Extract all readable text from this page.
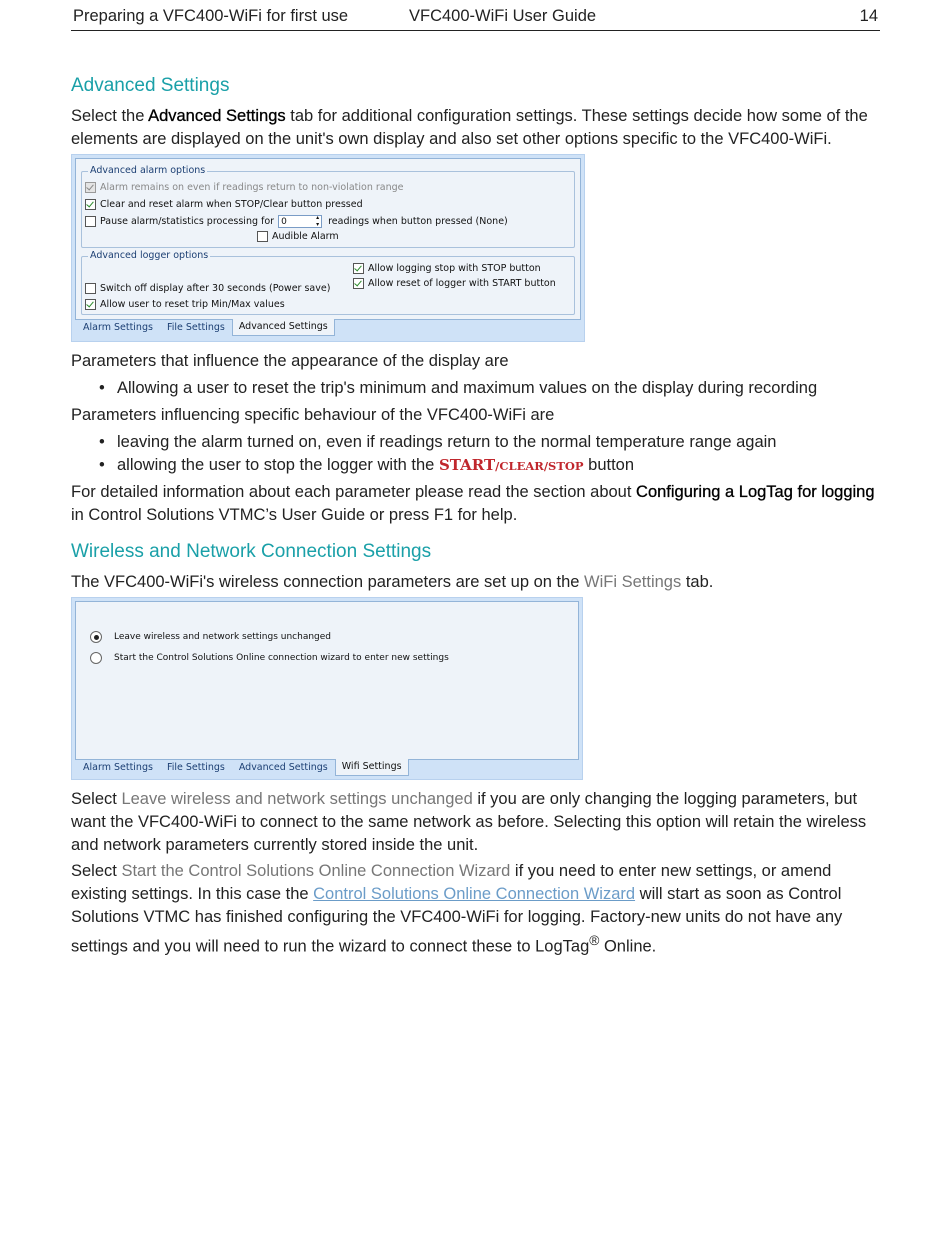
Preparing a VFC400-WiFi for first use	VFC400-WiFi User Guide	14
Advanced Settings
Select the Advanced Settings tab for additional configuration settings. These settings decide how some of the elements are displayed on the unit's own display and also set other options specific to the VFC400-WiFi.
Advanced alarm options
Alarm remains on even if readings return to non-violation range
Clear and reset alarm when STOP/Clear button pressed
Pause alarm/statistics processing for 0 ▴ ▾	readings when button pressed (None)
Audible Alarm
Advanced logger options
Allow logging stop with STOP button
Allow reset of logger with START button
Switch off display after 30 seconds (Power save)
Allow user to reset trip Min/Max values
Alarm Settings	File Settings	Advanced Settings
Parameters that influence the appearance of the display are
• Allowing a user to reset the trip's minimum and maximum values on the display during recording
Parameters influencing specific behaviour of the VFC400-WiFi are
• leaving the alarm turned on, even if readings return to the normal temperature range again
• allowing the user to stop the logger with the START/CLEAR/STOP button
For detailed information about each parameter please read the section about Configuring a LogTag for logging in Control Solutions VTMC’s User Guide or press F1 for help.
Wireless and Network Connection Settings
The VFC400-WiFi's wireless connection parameters are set up on the WiFi Settings tab.
Leave wireless and network settings unchanged
Start the Control Solutions Online connection wizard to enter new settings
Alarm Settings	File Settings	Advanced Settings	Wifi Settings
Select Leave wireless and network settings unchanged if you are only changing the logging parameters, but want the VFC400-WiFi to connect to the same network as before. Selecting this option will retain the wireless and network parameters currently stored inside the unit.
Select Start the Control Solutions Online Connection Wizard if you need to enter new settings, or amend existing settings. In this case the Control Solutions Online Connection Wizard will start as soon as Control Solutions VTMC has finished configuring the VFC400-WiFi for logging. Factory-new units do not have any settings and you will need to run the wizard to connect these to LogTag® Online.
